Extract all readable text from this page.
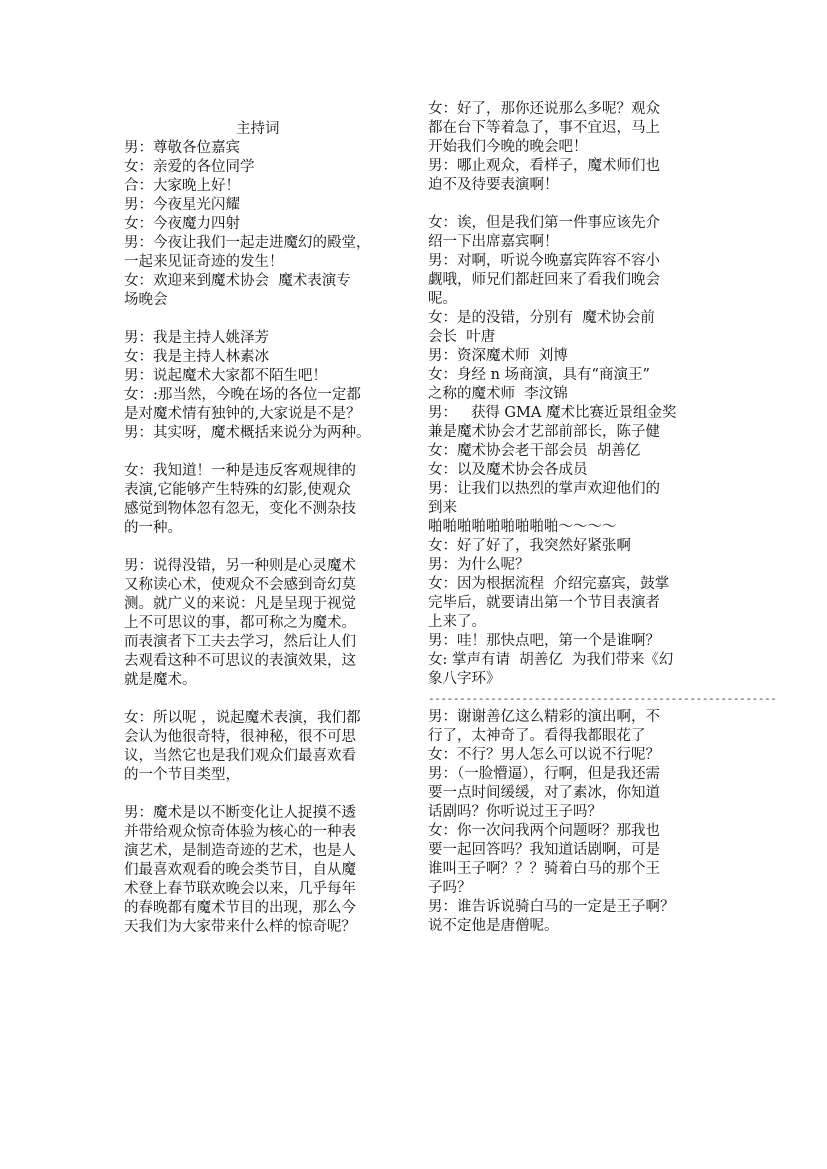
主持词
男：尊敬各位嘉宾
女：亲爱的各位同学
合：大家晚上好！
男：今夜星光闪耀
女：今夜魔力四射
男：今夜让我们一起走进魔幻的殿堂，
一起来见证奇迹的发生！
女：欢迎来到魔术协会  魔术表演专
场晚会
男：我是主持人姚泽芳
女：我是主持人林素冰
男：说起魔术大家都不陌生吧！
女：:那当然，今晚在场的各位一定都
是对魔术情有独钟的,大家说是不是？
男：其实呀，魔术概括来说分为两种。
女：我知道！一种是违反客观规律的
表演,它能够产生特殊的幻影,使观众
感觉到物体忽有忽无，变化不测杂技
的一种。
男：说得没错，另一种则是心灵魔术
又称读心术，使观众不会感到奇幻莫
测。就广义的来说：凡是呈现于视觉
上不可思议的事，都可称之为魔术。
而表演者下工夫去学习，然后让人们
去观看这种不可思议的表演效果，这
就是魔术。
女：所以呢 ，说起魔术表演，我们都
会认为他很奇特，很神秘，很不可思
议，当然它也是我们观众们最喜欢看
的一个节目类型，
男：魔术是以不断变化让人捉摸不透
并带给观众惊奇体验为核心的一种表
演艺术，是制造奇迹的艺术，也是人
们最喜欢观看的晚会类节目，自从魔
术登上春节联欢晚会以来，几乎每年
的春晚都有魔术节目的出现，那么今
天我们为大家带来什么样的惊奇呢？
女：好了，那你还说那么多呢？观众
都在台下等着急了，事不宜迟，马上
开始我们今晚的晚会吧！
男：哪止观众，看样子，魔术师们也
迫不及待要表演啊！
女：诶，但是我们第一件事应该先介
绍一下出席嘉宾啊！
男：对啊，听说今晚嘉宾阵容不容小
觑哦，师兄们都赶回来了看我们晚会
呢。
女：是的没错，分别有  魔术协会前
会长  叶唐
男：资深魔术师  刘博
女：身经 n 场商演，具有“商演王”
之称的魔术师  李汶锦
男：   获得 GMA 魔术比赛近景组金奖
兼是魔术协会才艺部前部长，陈子健
女：魔术协会老干部会员  胡善亿
女：以及魔术协会各成员
男：让我们以热烈的掌声欢迎他们的
到来
啪啪啪啪啪啪啪啪啪～～～～
女：好了好了，我突然好紧张啊
男：为什么呢？
女：因为根据流程  介绍完嘉宾，鼓掌
完毕后，就要请出第一个节目表演者
上来了。
男：哇！那快点吧，第一个是谁啊？
女: 掌声有请  胡善亿  为我们带来《幻
象八字环》
--------------------------------------------------------
男：谢谢善亿这么精彩的演出啊，不
行了，太神奇了。看得我都眼花了
女：不行？男人怎么可以说不行呢？
男：（一脸懵逼），行啊，但是我还需
要一点时间缓缓，对了素冰，你知道
话剧吗？你听说过王子吗？
女：你一次问我两个问题呀？那我也
要一起回答吗？我知道话剧啊，可是
谁叫王子啊？？？骑着白马的那个王
子吗？
男：谁告诉说骑白马的一定是王子啊？
说不定他是唐僧呢。
